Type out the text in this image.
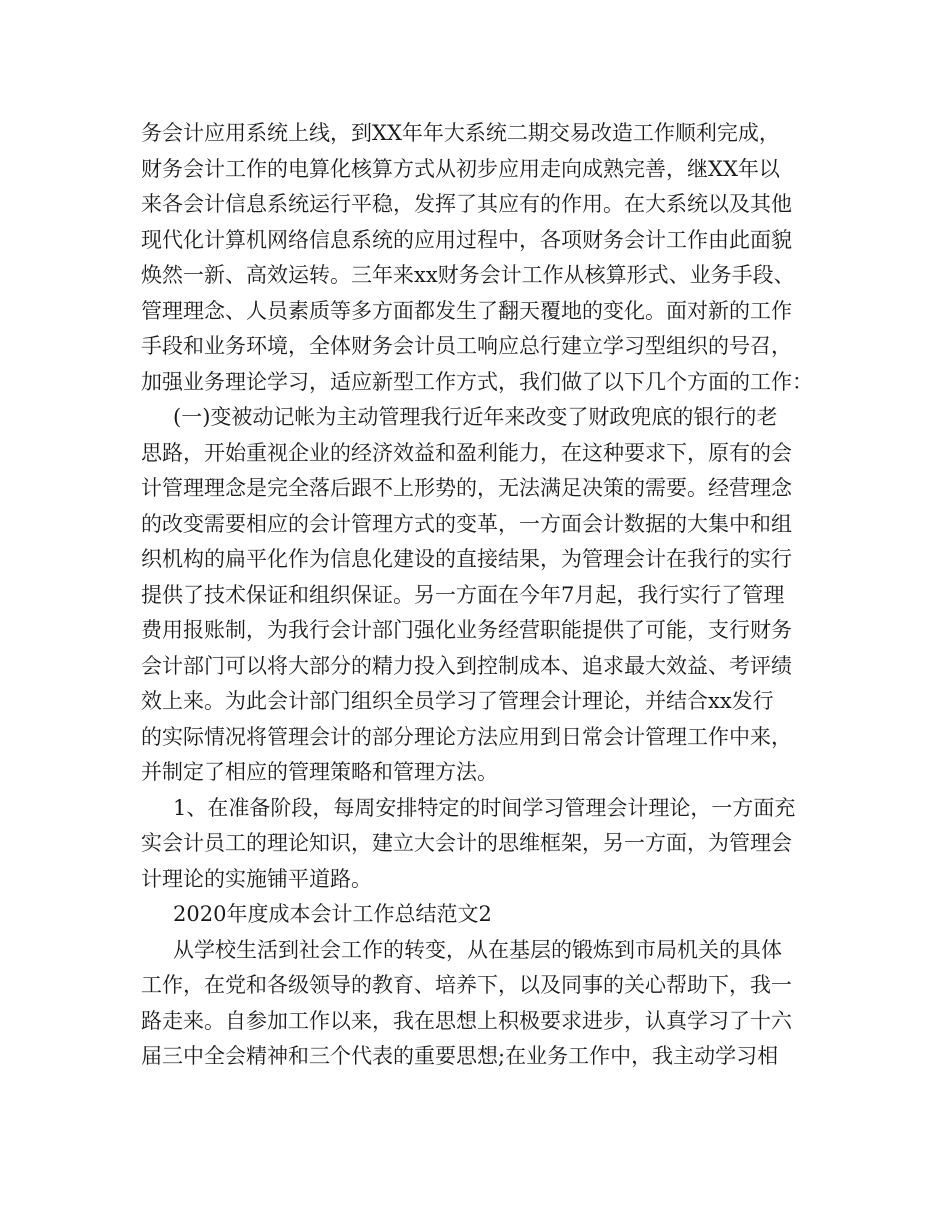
务会计应用系统上线，到XX年年大系统二期交易改造工作顺利完成，
财务会计工作的电算化核算方式从初步应用走向成熟完善，继XX年以
来各会计信息系统运行平稳，发挥了其应有的作用。在大系统以及其他
现代化计算机网络信息系统的应用过程中，各项财务会计工作由此面貌
焕然一新、高效运转。三年来xx财务会计工作从核算形式、业务手段、
管理理念、人员素质等多方面都发生了翻天覆地的变化。面对新的工作
手段和业务环境，全体财务会计员工响应总行建立学习型组织的号召，
加强业务理论学习，适应新型工作方式，我们做了以下几个方面的工作：
(一)变被动记帐为主动管理我行近年来改变了财政兜底的银行的老
思路，开始重视企业的经济效益和盈利能力，在这种要求下，原有的会
计管理理念是完全落后跟不上形势的，无法满足决策的需要。经营理念
的改变需要相应的会计管理方式的变革，一方面会计数据的大集中和组
织机构的扁平化作为信息化建设的直接结果，为管理会计在我行的实行
提供了技术保证和组织保证。另一方面在今年7月起，我行实行了管理
费用报账制，为我行会计部门强化业务经营职能提供了可能，支行财务
会计部门可以将大部分的精力投入到控制成本、追求最大效益、考评绩
效上来。为此会计部门组织全员学习了管理会计理论，并结合xx发行
的实际情况将管理会计的部分理论方法应用到日常会计管理工作中来，
并制定了相应的管理策略和管理方法。
1、在准备阶段，每周安排特定的时间学习管理会计理论，一方面充
实会计员工的理论知识，建立大会计的思维框架，另一方面，为管理会
计理论的实施铺平道路。
2020年度成本会计工作总结范文2
从学校生活到社会工作的转变，从在基层的锻炼到市局机关的具体
工作，在党和各级领导的教育、培养下，以及同事的关心帮助下，我一
路走来。自参加工作以来，我在思想上积极要求进步，认真学习了十六
届三中全会精神和三个代表的重要思想;在业务工作中，我主动学习相
